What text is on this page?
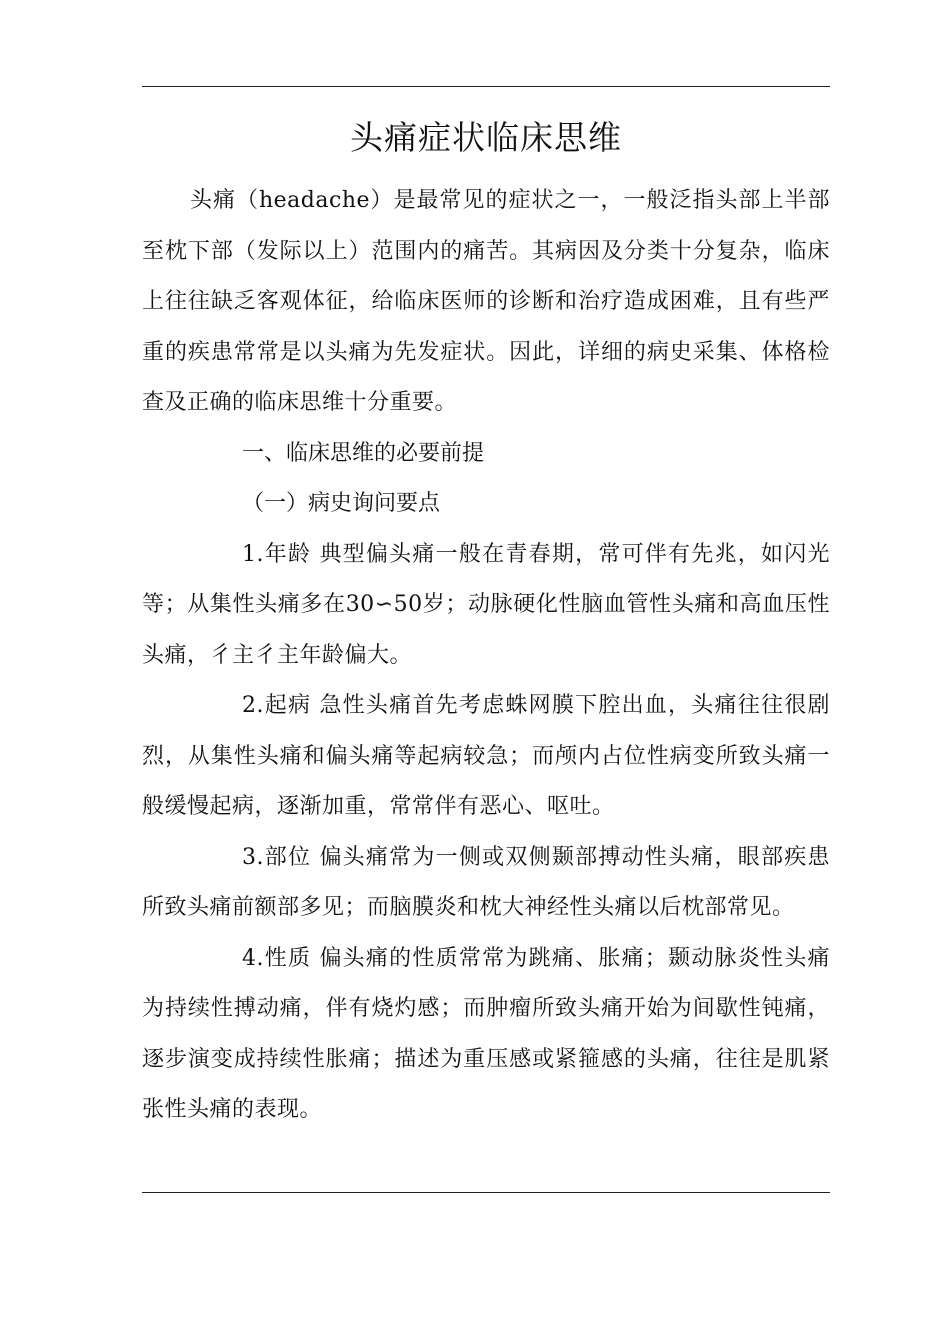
头痛症状临床思维

头痛（headache）是最常见的症状之一，一般泛指头部上半部至枕下部（发际以上）范围内的痛苦。其病因及分类十分复杂，临床上往往缺乏客观体征，给临床医师的诊断和治疗造成困难，且有些严重的疾患常常是以头痛为先发症状。因此，详细的病史采集、体格检查及正确的临床思维十分重要。

一、临床思维的必要前提

（一）病史询问要点

1.年龄 典型偏头痛一般在青春期，常可伴有先兆，如闪光等；从集性头痛多在30∽50岁；动脉硬化性脑血管性头痛和高血压性头痛，彳主彳主年龄偏大。

2.起病 急性头痛首先考虑蛛网膜下腔出血，头痛往往很剧烈，从集性头痛和偏头痛等起病较急；而颅内占位性病变所致头痛一般缓慢起病，逐渐加重，常常伴有恶心、呕吐。

3.部位 偏头痛常为一侧或双侧颞部搏动性头痛，眼部疾患所致头痛前额部多见；而脑膜炎和枕大神经性头痛以后枕部常见。

4.性质 偏头痛的性质常常为跳痛、胀痛；颞动脉炎性头痛为持续性搏动痛，伴有烧灼感；而肿瘤所致头痛开始为间歇性钝痛，逐步演变成持续性胀痛；描述为重压感或紧箍感的头痛，往往是肌紧张性头痛的表现。
